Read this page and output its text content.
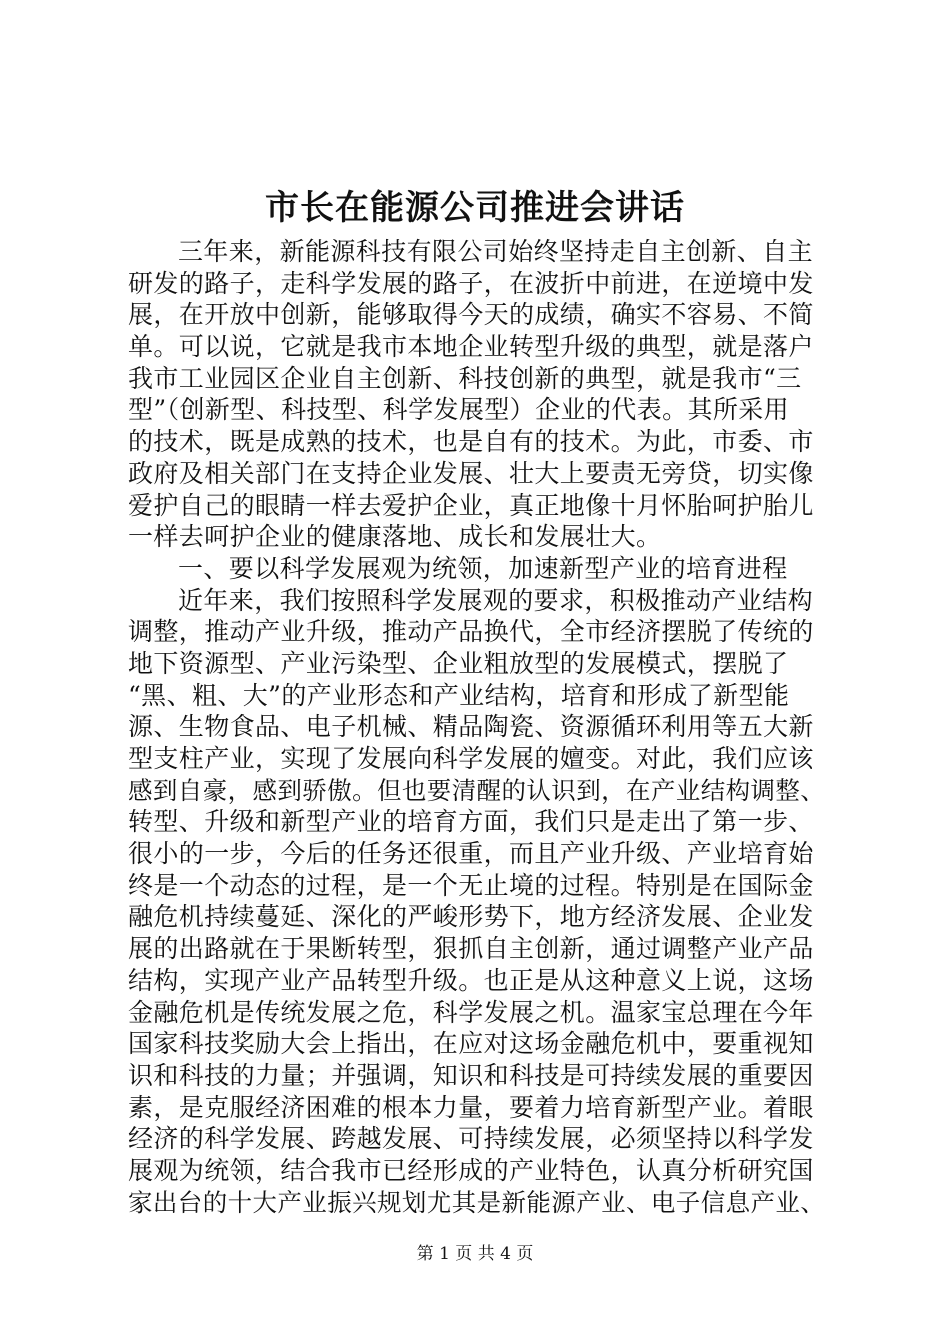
市长在能源公司推进会讲话
三年来，新能源科技有限公司始终坚持走自主创新、自主
研发的路子，走科学发展的路子，在波折中前进，在逆境中发
展，在开放中创新，能够取得今天的成绩，确实不容易、不简
单。可以说，它就是我市本地企业转型升级的典型，就是落户
我市工业园区企业自主创新、科技创新的典型，就是我市“三
型”（创新型、科技型、科学发展型）企业的代表。其所采用
的技术，既是成熟的技术，也是自有的技术。为此，市委、市
政府及相关部门在支持企业发展、壮大上要责无旁贷，切实像
爱护自己的眼睛一样去爱护企业，真正地像十月怀胎呵护胎儿
一样去呵护企业的健康落地、成长和发展壮大。
一、要以科学发展观为统领，加速新型产业的培育进程
近年来，我们按照科学发展观的要求，积极推动产业结构
调整，推动产业升级，推动产品换代，全市经济摆脱了传统的
地下资源型、产业污染型、企业粗放型的发展模式，摆脱了
“黑、粗、大”的产业形态和产业结构，培育和形成了新型能
源、生物食品、电子机械、精品陶瓷、资源循环利用等五大新
型支柱产业，实现了发展向科学发展的嬗变。对此，我们应该
感到自豪，感到骄傲。但也要清醒的认识到，在产业结构调整、
转型、升级和新型产业的培育方面，我们只是走出了第一步、
很小的一步，今后的任务还很重，而且产业升级、产业培育始
终是一个动态的过程，是一个无止境的过程。特别是在国际金
融危机持续蔓延、深化的严峻形势下，地方经济发展、企业发
展的出路就在于果断转型，狠抓自主创新，通过调整产业产品
结构，实现产业产品转型升级。也正是从这种意义上说，这场
金融危机是传统发展之危，科学发展之机。温家宝总理在今年
国家科技奖励大会上指出，在应对这场金融危机中，要重视知
识和科技的力量；并强调，知识和科技是可持续发展的重要因
素，是克服经济困难的根本力量，要着力培育新型产业。着眼
经济的科学发展、跨越发展、可持续发展，必须坚持以科学发
展观为统领，结合我市已经形成的产业特色，认真分析研究国
家出台的十大产业振兴规划尤其是新能源产业、电子信息产业、
第 1 页 共 4 页
